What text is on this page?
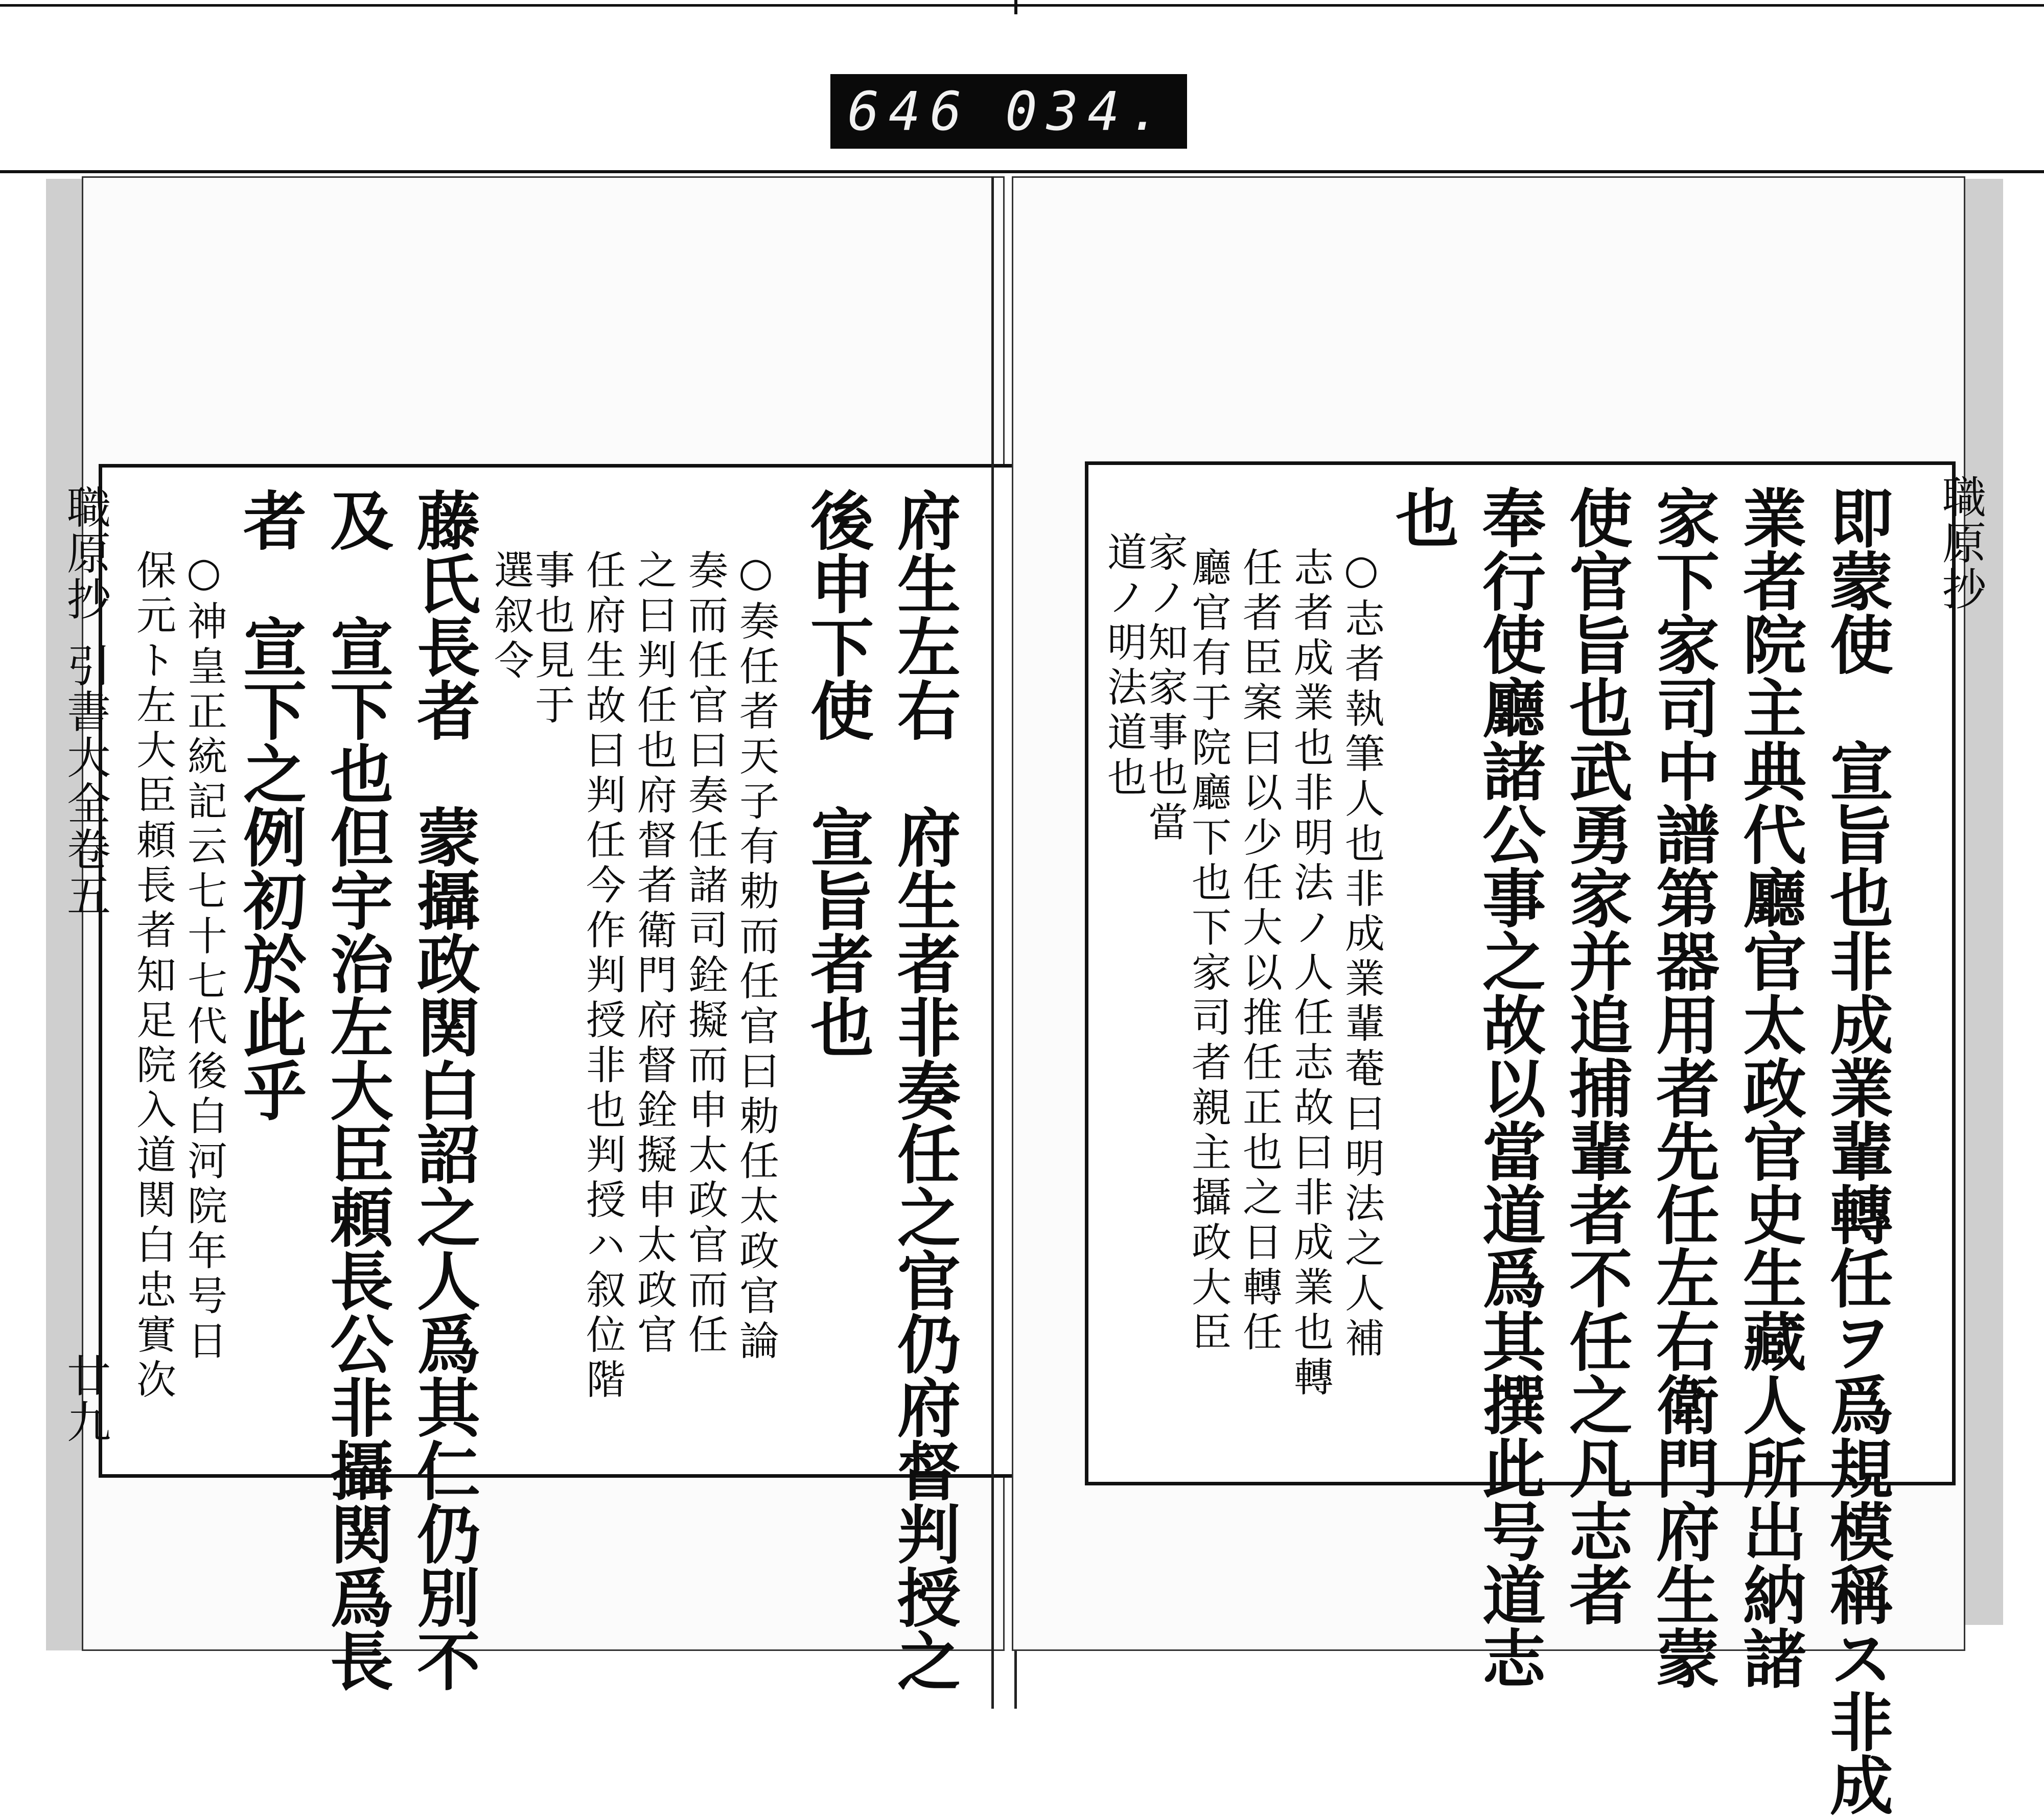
646 034.
府生左右　府生者非奏任之官仍府督判授之
後申下使　宣旨者也
○奏任者天子有勅而任官曰勅任太政官論
奏而任官曰奏任諸司銓擬而申太政官而任
之曰判任也府督者衛門府督銓擬申太政官
任府生故曰判任今作判授非也判授ハ叙位階
事也見于
選叙令
藤氏長者　蒙攝政関白詔之人爲其仁仍別不
及　宣下也但宇治左大臣頼長公非攝関爲長
者　宣下之例初於此乎
○神皇正統記云七十七代後白河院年号日
保元ト左大臣頼長者知足院入道関白忠實次
職原抄
引書大全卷五
廿九	即蒙使　宣旨也非成業輩轉任ヲ爲規模稱ス非成
業者院主典代廳官太政官史生藏人所出納諸
家下家司中譜第器用者先任左右衛門府生蒙
使官旨也武勇家并追捕輩者不任之凡志者
奉行使廳諸公事之故以當道爲其撰此号道志
也
○志者執筆人也非成業輩菴曰明法之人補
志者成業也非明法ノ人任志故曰非成業也轉
任者臣案曰以少任大以推任正也之日轉任
廳官有于院廳下也下家司者親主攝政大臣
家ノ知家事也當
道ノ明法道也	職原抄
